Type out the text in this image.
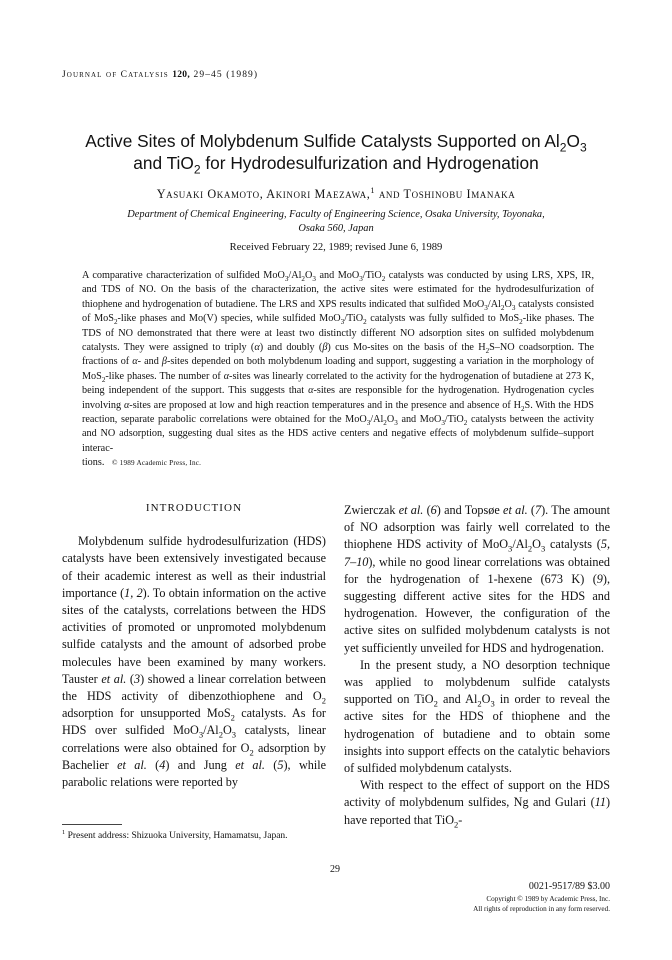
Journal of Catalysis 120, 29–45 (1989)
Active Sites of Molybdenum Sulfide Catalysts Supported on $Al_2O_3$
and TiO$_2$ for Hydrodesulfurization and Hydrogenation
Yasuaki Okamoto, Akinori Maezawa,$^1$ and Toshinobu Imanaka
Department of Chemical Engineering, Faculty of Engineering Science, Osaka University, Toyonaka,
Osaka 560, Japan
Received February 22, 1989; revised June 6, 1989

A comparative characterization of sulfided $MoO_3/Al_2O_3$ and MoO$_3$/TiO$_2$ catalysts was conducted by using LRS, XPS, IR, and TDS of NO. On the basis of the characterization, the active sites were estimated for the hydrodesulfurization of thiophene and hydrogenation of butadiene. The LRS and XPS results indicated that sulfided $MoO_3/Al_2O_3$ catalysts consisted of MoS$_2$-like phases and Mo(V) species, while sulfided MoO$_3$/TiO$_2$ catalysts was fully sulfided to MoS$_2$-like phases. The TDS of NO demonstrated that there were at least two distinctly different NO adsorption sites on sulfided molybdenum catalysts. They were assigned to triply (α) and doubly (β) cus Mo-sites on the basis of the $H_2S-NO$ coadsorption. The fractions of α- and β-sites depended on both molybdenum loading and support, suggesting a variation in the morphology of MoS$_2$-like phases. The number of α-sites was linearly correlated to the activity for the hydrogenation of butadiene at 273 K, being independent of the support. This suggests that α-sites are responsible for the hydrogenation. Hydrogenation cycles involving α-sites are proposed at low and high reaction temperatures and in the presence and absence of $H_2S$. With the HDS reaction, separate parabolic correlations were obtained for the $MoO_3/Al_2O_3$ and MoO$_3$/TiO$_2$ catalysts between the activity and NO adsorption, suggesting dual sites as the HDS active centers and negative effects of molybdenum sulfide–support interac-

tions.   © 1989 Academic Press, Inc.

INTRODUCTION

Molybdenum sulfide hydrodesulfurization (HDS) catalysts have been extensively investigated because of their academic interest as well as their industrial importance (1, 2). To obtain information on the active sites of the catalysts, correlations between the HDS activities of promoted or unpromoted molybdenum sulfide catalysts and the amount of adsorbed probe molecules have been examined by many workers. Tauster et al. (3) showed a linear correlation between the HDS activity of dibenzothiophene and $O_2$ adsorption for unsupported MoS$_2$ catalysts. As for HDS over sulfided $MoO_3/Al_2O_3$ catalysts, linear correlations were also obtained for $O_2$ adsorption by Bachelier et al. (4) and Jung et al. (5), while parabolic relations were reported by

Zwierczak et al. (6) and Topsøe et al. (7). The amount of NO adsorption was fairly well correlated to the thiophene HDS activity of $MoO_3/Al_2O_3$ catalysts (5, 7–10), while no good linear correlations was obtained for the hydrogenation of 1-hexene (673 K) (9), suggesting different active sites for the HDS and hydrogenation. However, the configuration of the active sites on sulfided molybdenum catalysts is not yet sufficiently unveiled for HDS and hydrogenation.

In the present study, a NO desorption technique was applied to molybdenum sulfide catalysts supported on TiO$_2$ and $Al_2O_3$ in order to reveal the active sites for the HDS of thiophene and the hydrogenation of butadiene and to obtain some insights into support effects on the catalytic behaviors of sulfided molybdenum catalysts.

With respect to the effect of support on the HDS activity of molybdenum sulfides, Ng and Gulari (11) have reported that TiO$_2$-

$^1$ Present address: Shizuoka University, Hamamatsu, Japan.
29
0021-9517/89 $3.00
Copyright © 1989 by Academic Press, Inc.
All rights of reproduction in any form reserved.
